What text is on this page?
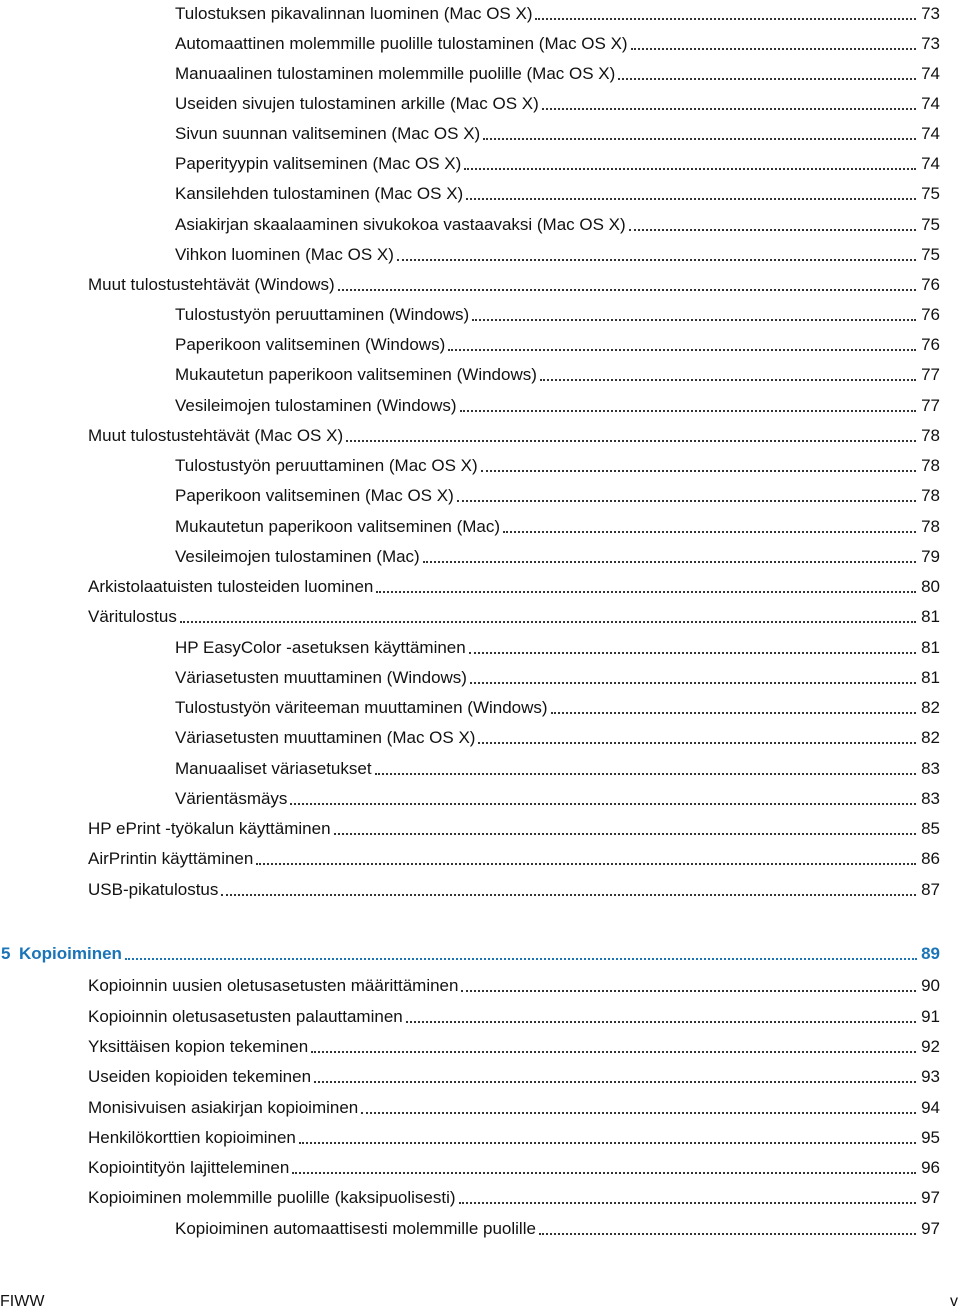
Tulostuksen pikavalinnan luominen (Mac OS X)	73
Automaattinen molemmille puolille tulostaminen (Mac OS X)	73
Manuaalinen tulostaminen molemmille puolille (Mac OS X)	74
Useiden sivujen tulostaminen arkille (Mac OS X)	74
Sivun suunnan valitseminen (Mac OS X)	74
Paperityypin valitseminen (Mac OS X)	74
Kansilehden tulostaminen (Mac OS X)	75
Asiakirjan skaalaaminen sivukokoa vastaavaksi (Mac OS X)	75
Vihkon luominen (Mac OS X)	75
Muut tulostustehtävät (Windows)	76
Tulostustyön peruuttaminen (Windows)	76
Paperikoon valitseminen (Windows)	76
Mukautetun paperikoon valitseminen (Windows)	77
Vesileimojen tulostaminen (Windows)	77
Muut tulostustehtävät (Mac OS X)	78
Tulostustyön peruuttaminen (Mac OS X)	78
Paperikoon valitseminen (Mac OS X)	78
Mukautetun paperikoon valitseminen (Mac)	78
Vesileimojen tulostaminen (Mac)	79
Arkistolaatuisten tulosteiden luominen	80
Väritulostus	81
HP EasyColor -asetuksen käyttäminen	81
Väriasetusten muuttaminen (Windows)	81
Tulostustyön väriteeman muuttaminen (Windows)	82
Väriasetusten muuttaminen (Mac OS X)	82
Manuaaliset väriasetukset	83
Värientäsmäys	83
HP ePrint -työkalun käyttäminen	85
AirPrintin käyttäminen	86
USB-pikatulostus	87
5 Kopioiminen	89
Kopioinnin uusien oletusasetusten määrittäminen	90
Kopioinnin oletusasetusten palauttaminen	91
Yksittäisen kopion tekeminen	92
Useiden kopioiden tekeminen	93
Monisivuisen asiakirjan kopioiminen	94
Henkilökorttien kopioiminen	95
Kopiointityön lajitteleminen	96
Kopioiminen molemmille puolille (kaksipuolisesti)	97
Kopioiminen automaattisesti molemmille puolille	97
FIWW	v
